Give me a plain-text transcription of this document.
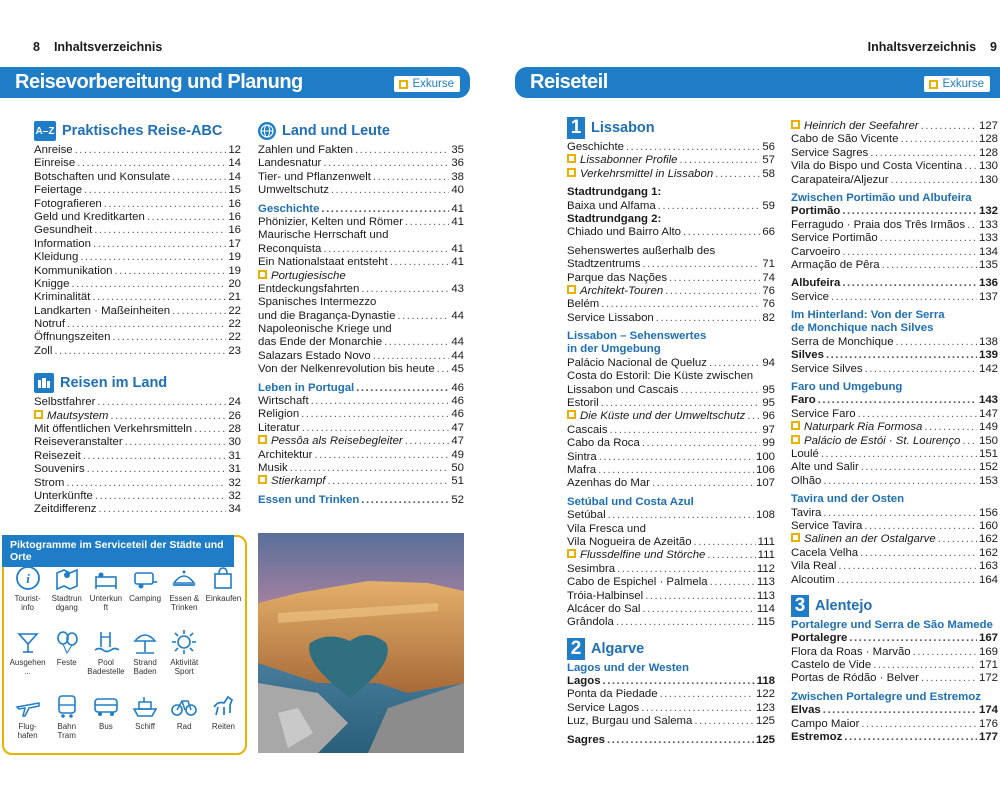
8 Inhaltsverzeichnis	Inhaltsverzeichnis 9
Reisevorbereitung und Planung	Exkurse	Reiseteil	Exkurse
A–Z Praktisches Reise-ABC
Anreise .....	12
Einreise .....	14
Botschaften und Konsulate .....	14
Feiertage .....	15
Fotografieren .....	16
Geld und Kreditkarten .....	16
Gesundheit .....	16
Information .....	17
Kleidung .....	19
Kommunikation .....	19
Knigge .....	20
Kriminalität .....	21
Landkarten · Maßeinheiten .....	22
Notruf .....	22
Öffnungszeiten .....	22
Zoll .....	23
Reisen im Land
Selbstfahrer .....	24
Mautsystem .....	26
Mit öffentlichen Verkehrsmitteln .....	28
Reiseveranstalter .....	30
Reisezeit .....	31
Souvenirs .....	31
Strom .....	32
Unterkünfte .....	32
Zeitdifferenz .....	34
Land und Leute
Zahlen und Fakten .....	35
Landesnatur .....	36
Tier- und Pflanzenwelt .....	38
Umweltschutz .....	40
Geschichte .....	41
Phönizier, Kelten und Römer .....	41
Maurische Herrschaft und
Reconquista .....	41
Ein Nationalstaat entsteht .....	41
Portugiesische
Entdeckungsfahrten .....	43
Spanisches Intermezzo
und die Bragança-Dynastie .....	44
Napoleonische Kriege und
das Ende der Monarchie .....	44
Salazars Estado Novo .....	44
Von der Nelkenrevolution bis heute ..... 45
Leben in Portugal .....	46
Wirtschaft .....	46
Religion .....	46
Literatur .....	47
Pessôa als Reisebegleiter .....	47
Architektur .....	49
Musik .....	50
Stierkampf .....	51
Essen und Trinken .....	52
Piktogramme im Serviceteil der Städte und Orte
i
Tourist-
info
Stadtrun
dgang
Unterkun
ft
Camping Essen &
Trinken
Einkaufen
Ausgehen ...
Feste	Pool
Badestelle
Strand
Baden
Aktivität
Sport
Flug-
hafen
Bahn
Tram
Bus	Schiff	Rad	Reiten
1 Lissabon
Geschichte .....	56
Lissabonner Profile .....	57
Verkehrsmittel in Lissabon .....	58
Stadtrundgang 1:
Baixa und Alfama .....	59
Stadtrundgang 2:
Chiado und Bairro Alto .....	66
Sehenswertes außerhalb des
Stadtzentrums .....	71
Parque das Nações .....	74
Architekt-Touren .....	76
Belém .....	76
Service Lissabon .....	82
Lissabon – Sehenswertes
in der Umgebung
Palácio Nacional de Queluz .....	94
Costa do Estoril: Die Küste zwischen
Lissabon und Cascais .....	95
Estoril .....	95
Die Küste und der Umweltschutz ..... 96
Cascais .....	97
Cabo da Roca .....	99
Sintra .....	100
Mafra .....	106
Azenhas do Mar .....	107
Setúbal und Costa Azul
Setúbal .....	108
Vila Fresca und
Vila Nogueira de Azeitão .....	111
Flussdelfine und Störche .....	111
Sesimbra .....	112
Cabo de Espichel · Palmela .....	113
Tróia-Halbinsel .....	113
Alcácer do Sal .....	114
Grândola .....	115
2 Algarve
Lagos und der Westen
Lagos .....	118
Ponta da Piedade .....	122
Service Lagos .....	123
Luz, Burgau und Salema .....	125
Sagres .....	125
Heinrich der Seefahrer .....	127
Cabo de São Vicente .....	128
Service Sagres .....	128
Vila do Bispo und Costa Vicentina ..... 130
Carapateira/Aljezur .....	130
Zwischen Portimão und Albufeira
Portimão .....	132
Ferragudo · Praia dos Três Irmãos ..... 133
Service Portimão .....	133
Carvoeiro .....	134
Armação de Pêra .....	135
Albufeira .....	136
Service .....	137
Im Hinterland: Von der Serra
de Monchique nach Silves
Serra de Monchique .....	138
Silves .....	139
Service Silves .....	142
Faro und Umgebung
Faro .....	143
Service Faro .....	147
Naturpark Ria Formosa .....	149
Palácio de Estói · St. Lourenço ..... 150
Loulé .....	151
Alte und Salir .....	152
Olhão .....	153
Tavira und der Osten
Tavira .....	156
Service Tavira .....	160
Salinen an der Ostalgarve .....	162
Cacela Velha .....	162
Vila Real .....	163
Alcoutim .....	164
3 Alentejo
Portalegre und Serra de São Mamede
Portalegre .....	167
Flora da Roas · Marvão .....	169
Castelo de Vide .....	171
Portas de Ródão · Belver .....	172
Zwischen Portalegre und Estremoz
Elvas .....	174
Campo Maior .....	176
Estremoz .....	177
